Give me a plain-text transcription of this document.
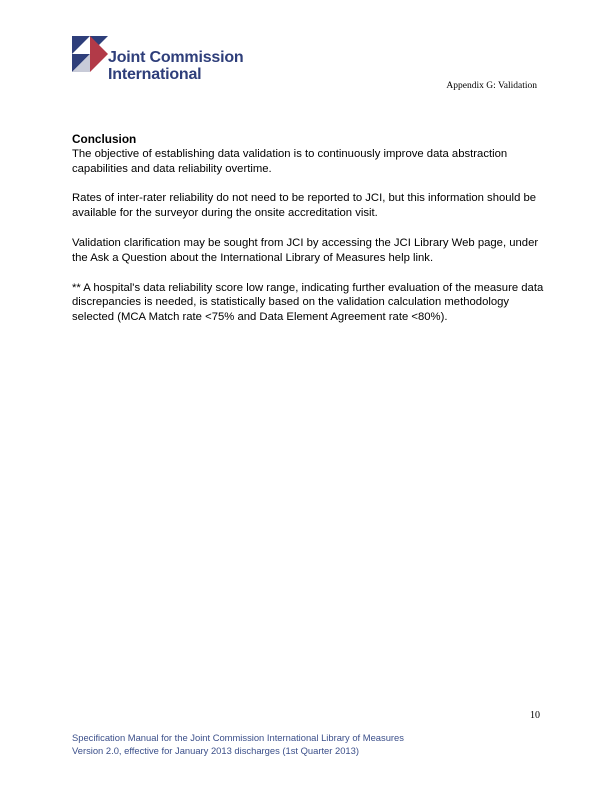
Joint Commission
International
Appendix G: Validation

Conclusion

The objective of establishing data validation is to continuously improve data abstraction capabilities and data reliability overtime.

Rates of inter-rater reliability do not need to be reported to JCI, but this information should be available for the surveyor during the onsite accreditation visit.

Validation clarification may be sought from JCI by accessing the JCI Library Web page, under the Ask a Question about the International Library of Measures help link.

** A hospital's data reliability score low range, indicating further evaluation of the measure data discrepancies is needed, is statistically based on the validation calculation methodology selected (MCA Match rate <75% and Data Element Agreement rate <80%).

10
Specification Manual for the Joint Commission International Library of Measures
Version 2.0, effective for January 2013 discharges (1st Quarter 2013)
